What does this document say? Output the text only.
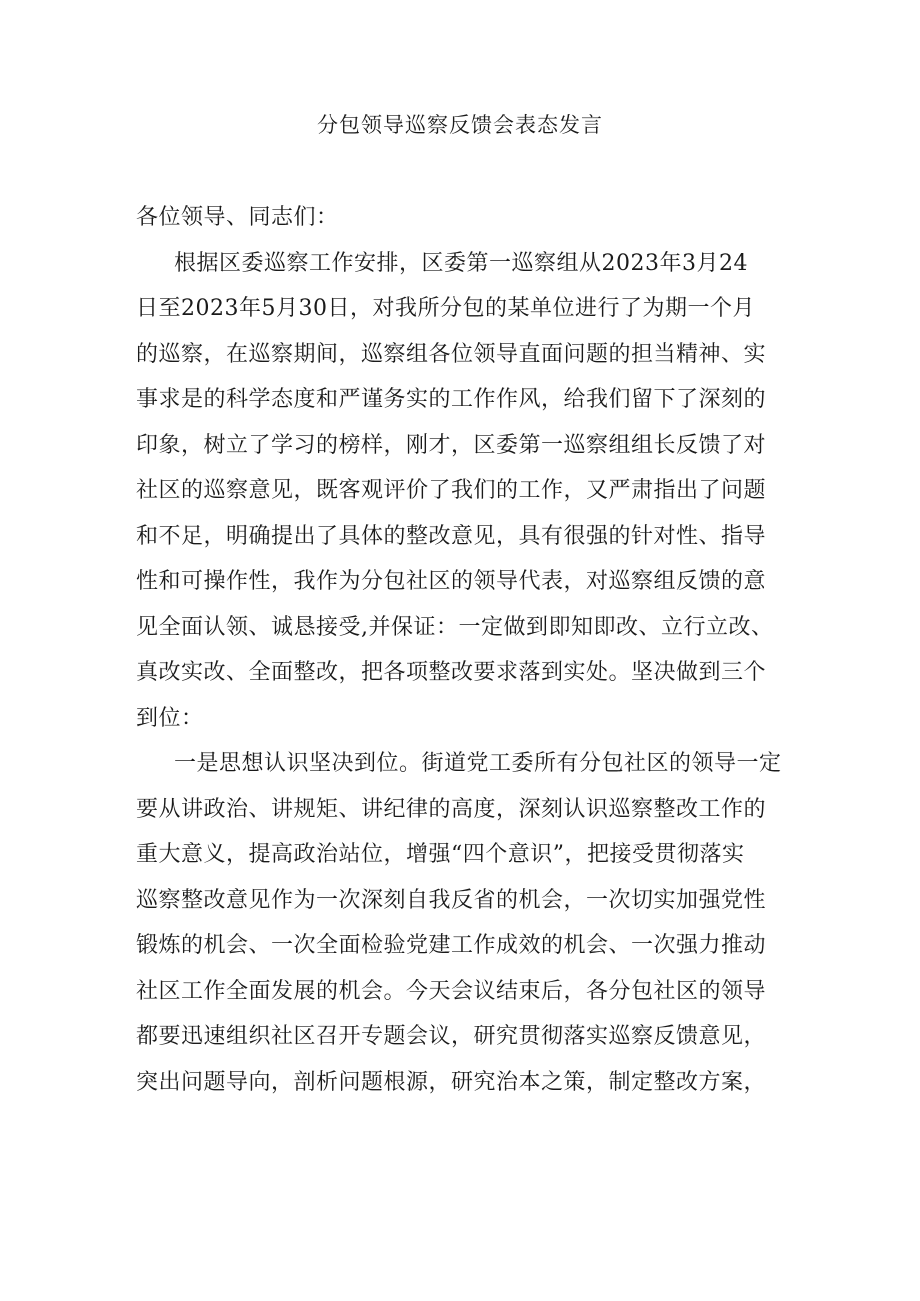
分包领导巡察反馈会表态发言
各位领导、同志们：
根据区委巡察工作安排，区委第一巡察组从2023年3月24
日至2023年5月30日，对我所分包的某单位进行了为期一个月
的巡察，在巡察期间，巡察组各位领导直面问题的担当精神、实
事求是的科学态度和严谨务实的工作作风，给我们留下了深刻的
印象，树立了学习的榜样，刚才，区委第一巡察组组长反馈了对
社区的巡察意见，既客观评价了我们的工作，又严肃指出了问题
和不足，明确提出了具体的整改意见，具有很强的针对性、指导
性和可操作性，我作为分包社区的领导代表，对巡察组反馈的意
见全面认领、诚恳接受,并保证：一定做到即知即改、立行立改、
真改实改、全面整改，把各项整改要求落到实处。坚决做到三个
到位：
一是思想认识坚决到位。街道党工委所有分包社区的领导一定
要从讲政治、讲规矩、讲纪律的高度，深刻认识巡察整改工作的
重大意义，提高政治站位，增强“四个意识”，把接受贯彻落实
巡察整改意见作为一次深刻自我反省的机会，一次切实加强党性
锻炼的机会、一次全面检验党建工作成效的机会、一次强力推动
社区工作全面发展的机会。今天会议结束后，各分包社区的领导
都要迅速组织社区召开专题会议，研究贯彻落实巡察反馈意见，
突出问题导向，剖析问题根源，研究治本之策，制定整改方案，
